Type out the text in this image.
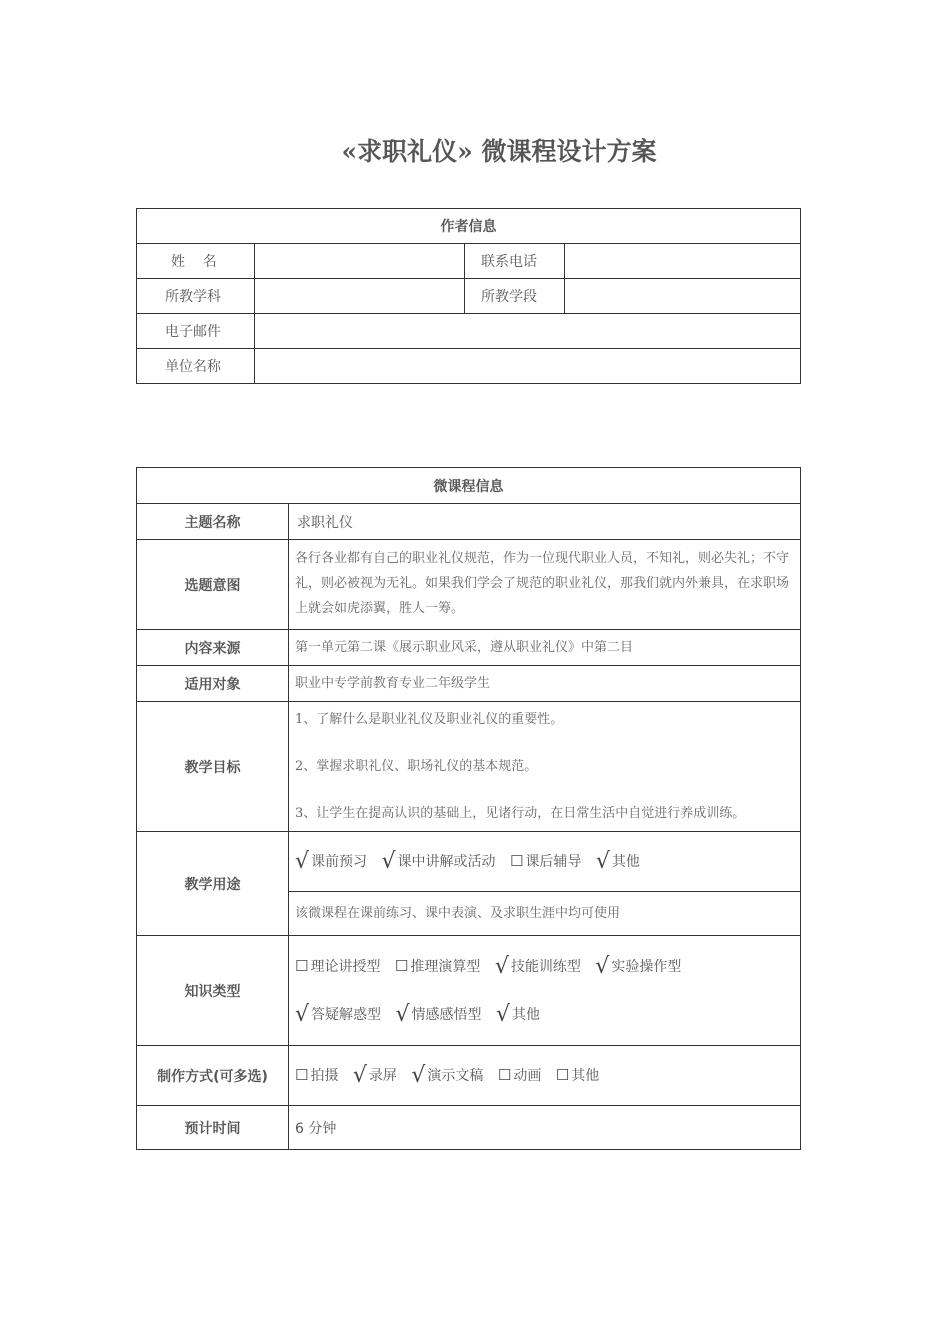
«求职礼仪» 微课程设计方案
作者信息			
姓    名		联系电话	
所教学科		所教学段	
电子邮件			
单位名称			
微课程信息	
主题名称	求职礼仪
选题意图	各行各业都有自己的职业礼仪规范，作为一位现代职业人员，不知礼，则必失礼；不守礼，则必被视为无礼。如果我们学会了规范的职业礼仪，那我们就内外兼具，在求职场上就会如虎添翼，胜人一筹。
内容来源	第一单元第二课《展示职业风采，遵从职业礼仪》中第二目
适用对象	职业中专学前教育专业二年级学生
教学目标	1、了解什么是职业礼仪及职业礼仪的重要性。

2、掌握求职礼仪、职场礼仪的基本规范。

3、让学生在提高认识的基础上，见诸行动，在日常生活中自觉进行养成训练。

教学用途	√ 课前预习 √ 课中讲解或活动 ☐ 课后辅导 √ 其他
	该微课程在课前练习、课中表演、及求职生涯中均可使用
知识类型	☐ 理论讲授型 ☐ 推理演算型 √ 技能训练型 √ 实验操作型
√ 答疑解惑型 √ 情感感悟型 √ 其他

制作方式(可多选)	☐ 拍摄 √ 录屏 √ 演示文稿 ☐ 动画 ☐ 其他
预计时间	6 分钟
